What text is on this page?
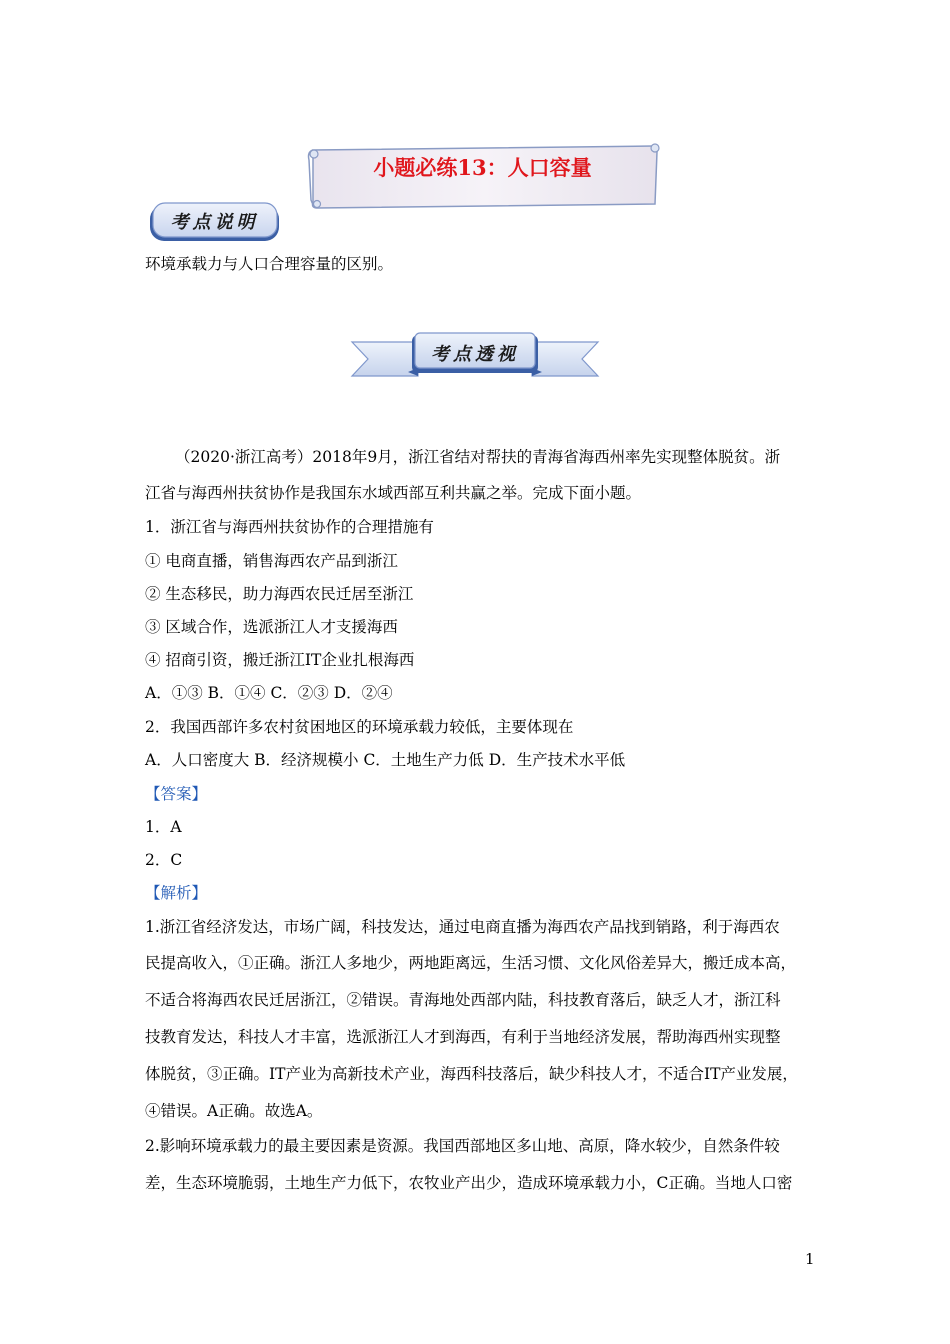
小题必练13：人口容量
考点说明
环境承载力与人口合理容量的区别。
考点透视
（2020·浙江高考）2018年9月，浙江省结对帮扶的青海省海西州率先实现整体脱贫。浙
江省与海西州扶贫协作是我国东水域西部互利共赢之举。完成下面小题。
1．浙江省与海西州扶贫协作的合理措施有
① 电商直播，销售海西农产品到浙江
② 生态移民，助力海西农民迁居至浙江
③ 区域合作，选派浙江人才支援海西
④ 招商引资，搬迁浙江IT企业扎根海西
A．①③ B．①④ C．②③ D．②④
2．我国西部许多农村贫困地区的环境承载力较低，主要体现在
A．人口密度大 B．经济规模小 C．土地生产力低 D．生产技术水平低
【答案】
1．A
2．C
【解析】
1.浙江省经济发达，市场广阔，科技发达，通过电商直播为海西农产品找到销路，利于海西农
民提高收入，①正确。浙江人多地少，两地距离远，生活习惯、文化风俗差异大，搬迁成本高，
不适合将海西农民迁居浙江，②错误。青海地处西部内陆，科技教育落后，缺乏人才，浙江科
技教育发达，科技人才丰富，选派浙江人才到海西，有利于当地经济发展，帮助海西州实现整
体脱贫，③正确。IT产业为高新技术产业，海西科技落后，缺少科技人才，不适合IT产业发展，
④错误。A正确。故选A。
2.影响环境承载力的最主要因素是资源。我国西部地区多山地、高原，降水较少，自然条件较
差，生态环境脆弱，土地生产力低下，农牧业产出少，造成环境承载力小，C正确。当地人口密
1
